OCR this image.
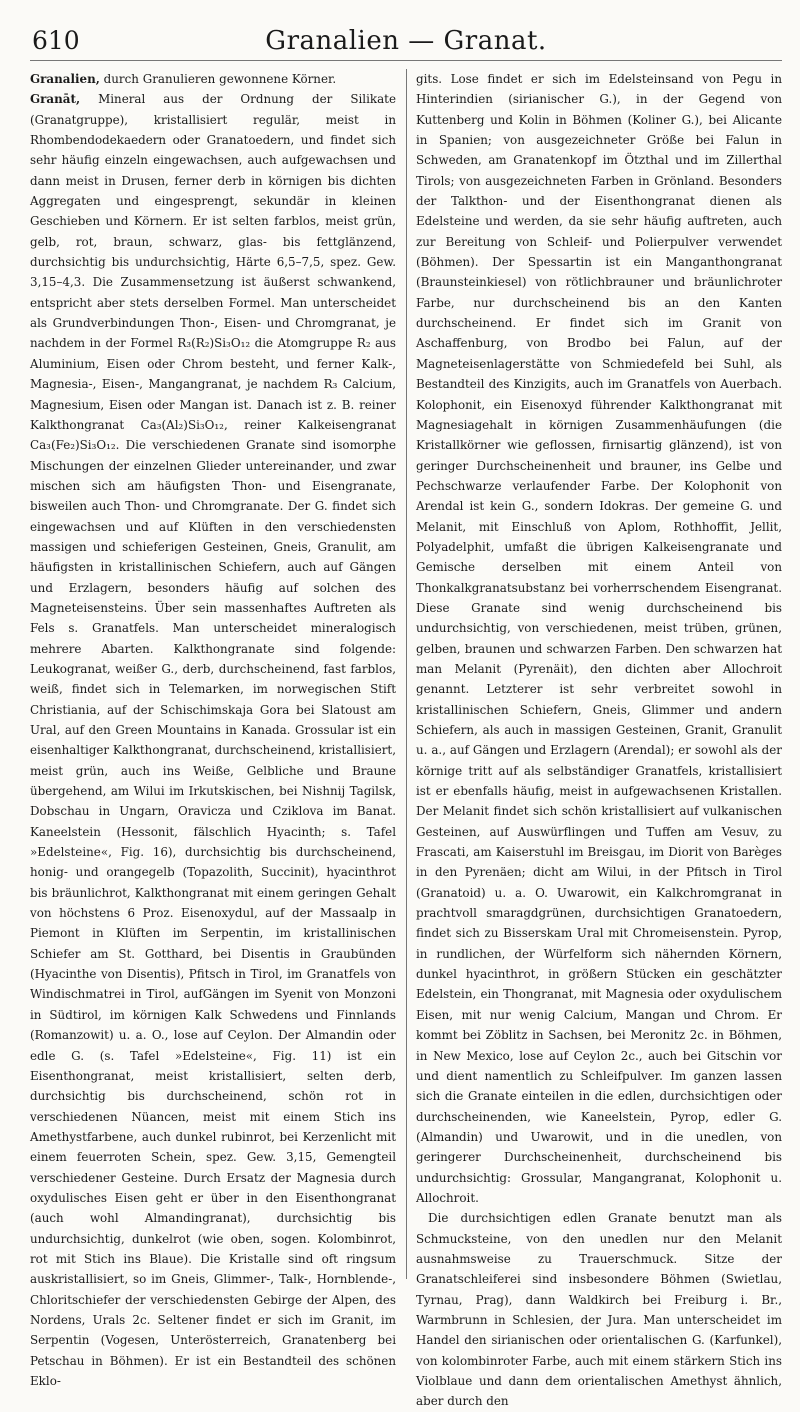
610	Granalien — Granat.

Granalien, durch Granulieren gewonnene Körner.

Granāt, Mineral aus der Ordnung der Silikate (Granatgruppe), kristallisiert regulär, meist in Rhombendodekaedern oder Granatoedern, und findet sich sehr häufig einzeln eingewachsen, auch aufgewachsen und dann meist in Drusen, ferner derb in körnigen bis dichten Aggregaten und eingesprengt, sekundär in kleinen Geschieben und Körnern. Er ist selten farblos, meist grün, gelb, rot, braun, schwarz, glas- bis fettglänzend, durchsichtig bis undurchsichtig, Härte 6,5–7,5, spez. Gew. 3,15–4,3. Die Zusammensetzung ist äußerst schwankend, entspricht aber stets derselben Formel. Man unterscheidet als Grundverbindungen Thon-, Eisen- und Chromgranat, je nachdem in der Formel R₃(R₂)Si₃O₁₂ die Atomgruppe R₂ aus Aluminium, Eisen oder Chrom besteht, und ferner Kalk-, Magnesia-, Eisen-, Mangangranat, je nachdem R₃ Calcium, Magnesium, Eisen oder Mangan ist. Danach ist z. B. reiner Kalkthongranat Ca₃(Al₂)Si₃O₁₂, reiner Kalkeisengranat Ca₃(Fe₂)Si₃O₁₂. Die verschiedenen Granate sind isomorphe Mischungen der einzelnen Glieder untereinander, und zwar mischen sich am häufigsten Thon- und Eisengranate, bisweilen auch Thon- und Chromgranate. Der G. findet sich eingewachsen und auf Klüften in den verschiedensten massigen und schieferigen Gesteinen, Gneis, Granulit, am häufigsten in kristallinischen Schiefern, auch auf Gängen und Erzlagern, besonders häufig auf solchen des Magneteisensteins. Über sein massenhaftes Auftreten als Fels s. Granatfels. Man unterscheidet mineralogisch mehrere Abarten. Kalkthongranate sind folgende: Leukogranat, weißer G., derb, durchscheinend, fast farblos, weiß, findet sich in Telemarken, im norwegischen Stift Christiania, auf der Schischimskaja Gora bei Slatoust am Ural, auf den Green Mountains in Kanada. Grossular ist ein eisenhaltiger Kalkthongranat, durchscheinend, kristallisiert, meist grün, auch ins Weiße, Gelbliche und Braune übergehend, am Wilui im Irkutskischen, bei Nishnij Tagilsk, Dobschau in Ungarn, Oravicza und Cziklova im Banat. Kaneelstein (Hessonit, fälschlich Hyacinth; s. Tafel »Edelsteine«, Fig. 16), durchsichtig bis durchscheinend, honig- und orangegelb (Topazolith, Succinit), hyacinthrot bis bräunlichrot, Kalkthongranat mit einem geringen Gehalt von höchstens 6 Proz. Eisenoxydul, auf der Massaalp in Piemont in Klüften im Serpentin, im kristallinischen Schiefer am St. Gotthard, bei Disentis in Graubünden (Hyacinthe von Disentis), Pfitsch in Tirol, im Granatfels von Windischmatrei in Tirol, aufGängen im Syenit von Monzoni in Südtirol, im körnigen Kalk Schwedens und Finnlands (Romanzowit) u. a. O., lose auf Ceylon. Der Almandin oder edle G. (s. Tafel »Edelsteine«, Fig. 11) ist ein Eisenthongranat, meist kristallisiert, selten derb, durchsichtig bis durchscheinend, schön rot in verschiedenen Nüancen, meist mit einem Stich ins Amethystfarbene, auch dunkel rubinrot, bei Kerzenlicht mit einem feuerroten Schein, spez. Gew. 3,15, Gemengteil verschiedener Gesteine. Durch Ersatz der Magnesia durch oxydulisches Eisen geht er über in den Eisenthongranat (auch wohl Almandingranat), durchsichtig bis undurchsichtig, dunkelrot (wie oben, sogen. Kolombinrot, rot mit Stich ins Blaue). Die Kristalle sind oft ringsum auskristallisiert, so im Gneis, Glimmer-, Talk-, Hornblende-, Chloritschiefer der verschiedensten Gebirge der Alpen, des Nordens, Urals 2c. Seltener findet er sich im Granit, im Serpentin (Vogesen, Unterösterreich, Granatenberg bei Petschau in Böhmen). Er ist ein Bestandteil des schönen Eklo-

gits. Lose findet er sich im Edelsteinsand von Pegu in Hinterindien (sirianischer G.), in der Gegend von Kuttenberg und Kolin in Böhmen (Koliner G.), bei Alicante in Spanien; von ausgezeichneter Größe bei Falun in Schweden, am Granatenkopf im Ötzthal und im Zillerthal Tirols; von ausgezeichneten Farben in Grönland. Besonders der Talkthon- und der Eisenthongranat dienen als Edelsteine und werden, da sie sehr häufig auftreten, auch zur Bereitung von Schleif- und Polierpulver verwendet (Böhmen). Der Spessartin ist ein Manganthongranat (Braunsteinkiesel) von rötlichbrauner und bräunlichroter Farbe, nur durchscheinend bis an den Kanten durchscheinend. Er findet sich im Granit von Aschaffenburg, von Brodbo bei Falun, auf der Magneteisenlagerstätte von Schmiedefeld bei Suhl, als Bestandteil des Kinzigits, auch im Granatfels von Auerbach. Kolophonit, ein Eisenoxyd führender Kalkthongranat mit Magnesiagehalt in körnigen Zusammenhäufungen (die Kristallkörner wie geflossen, firnisartig glänzend), ist von geringer Durchscheinenheit und brauner, ins Gelbe und Pechschwarze verlaufender Farbe. Der Kolophonit von Arendal ist kein G., sondern Idokras. Der gemeine G. und Melanit, mit Einschluß von Aplom, Rothhoffit, Jellit, Polyadelphit, umfaßt die übrigen Kalkeisengranate und Gemische derselben mit einem Anteil von Thonkalkgranatsubstanz bei vorherrschendem Eisengranat. Diese Granate sind wenig durchscheinend bis undurchsichtig, von verschiedenen, meist trüben, grünen, gelben, braunen und schwarzen Farben. Den schwarzen hat man Melanit (Pyrenäit), den dichten aber Allochroit genannt. Letzterer ist sehr verbreitet sowohl in kristallinischen Schiefern, Gneis, Glimmer und andern Schiefern, als auch in massigen Gesteinen, Granit, Granulit u. a., auf Gängen und Erzlagern (Arendal); er sowohl als der körnige tritt auf als selbständiger Granatfels, kristallisiert ist er ebenfalls häufig, meist in aufgewachsenen Kristallen. Der Melanit findet sich schön kristallisiert auf vulkanischen Gesteinen, auf Auswürflingen und Tuffen am Vesuv, zu Frascati, am Kaiserstuhl im Breisgau, im Diorit von Barèges in den Pyrenäen; dicht am Wilui, in der Pfitsch in Tirol (Granatoid) u. a. O. Uwarowit, ein Kalkchromgranat in prachtvoll smaragdgrünen, durchsichtigen Granatoedern, findet sich zu Bisserskam Ural mit Chromeisenstein. Pyrop, in rundlichen, der Würfelform sich nähernden Körnern, dunkel hyacinthrot, in größern Stücken ein geschätzter Edelstein, ein Thongranat, mit Magnesia oder oxydulischem Eisen, mit nur wenig Calcium, Mangan und Chrom. Er kommt bei Zöblitz in Sachsen, bei Meronitz 2c. in Böhmen, in New Mexico, lose auf Ceylon 2c., auch bei Gitschin vor und dient namentlich zu Schleifpulver. Im ganzen lassen sich die Granate einteilen in die edlen, durchsichtigen oder durchscheinenden, wie Kaneelstein, Pyrop, edler G. (Almandin) und Uwarowit, und in die unedlen, von geringerer Durchscheinenheit, durchscheinend bis undurchsichtig: Grossular, Mangangranat, Kolophonit u. Allochroit.

Die durchsichtigen edlen Granate benutzt man als Schmucksteine, von den unedlen nur den Melanit ausnahmsweise zu Trauerschmuck. Sitze der Granatschleiferei sind insbesondere Böhmen (Swietlau, Tyrnau, Prag), dann Waldkirch bei Freiburg i. Br., Warmbrunn in Schlesien, der Jura. Man unterscheidet im Handel den sirianischen oder orientalischen G. (Karfunkel), von kolombinroter Farbe, auch mit einem stärkern Stich ins Violblaue und dann dem orientalischen Amethyst ähnlich, aber durch den
